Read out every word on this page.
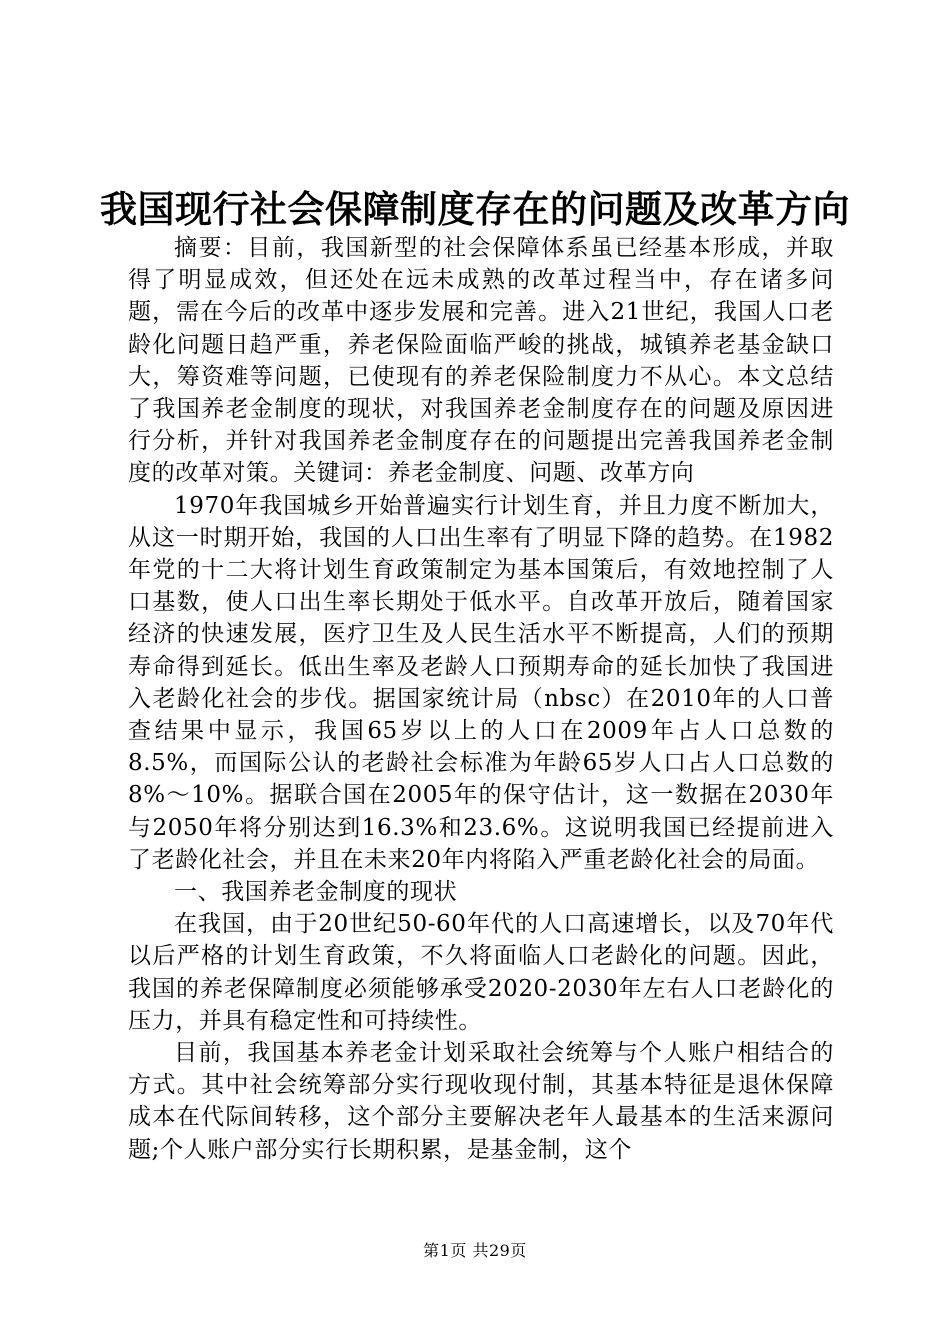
我国现行社会保障制度存在的问题及改革方向

摘要：目前，我国新型的社会保障体系虽已经基本形成，并取得了明显成效，但还处在远未成熟的改革过程当中，存在诸多问题，需在今后的改革中逐步发展和完善。进入21世纪，我国人口老龄化问题日趋严重，养老保险面临严峻的挑战，城镇养老基金缺口大，筹资难等问题，已使现有的养老保险制度力不从心。本文总结了我国养老金制度的现状，对我国养老金制度存在的问题及原因进行分析，并针对我国养老金制度存在的问题提出完善我国养老金制度的改革对策。关键词：养老金制度、问题、改革方向

1970年我国城乡开始普遍实行计划生育，并且力度不断加大，从这一时期开始，我国的人口出生率有了明显下降的趋势。在1982年党的十二大将计划生育政策制定为基本国策后，有效地控制了人口基数，使人口出生率长期处于低水平。自改革开放后，随着国家经济的快速发展，医疗卫生及人民生活水平不断提高，人们的预期寿命得到延长。低出生率及老龄人口预期寿命的延长加快了我国进入老龄化社会的步伐。据国家统计局（nbsc）在2010年的人口普查结果中显示，我国65岁以上的人口在2009年占人口总数的8.5%，而国际公认的老龄社会标准为年龄65岁人口占人口总数的8%～10%。据联合国在2005年的保守估计，这一数据在2030年与2050年将分别达到16.3%和23.6%。这说明我国已经提前进入了老龄化社会，并且在未来20年内将陷入严重老龄化社会的局面。

一、我国养老金制度的现状

在我国，由于20世纪50-60年代的人口高速增长，以及70年代以后严格的计划生育政策，不久将面临人口老龄化的问题。因此，我国的养老保障制度必须能够承受2020-2030年左右人口老龄化的压力，并具有稳定性和可持续性。

目前，我国基本养老金计划采取社会统筹与个人账户相结合的方式。其中社会统筹部分实行现收现付制，其基本特征是退休保障成本在代际间转移，这个部分主要解决老年人最基本的生活来源问题;个人账户部分实行长期积累，是基金制，这个

第1页 共29页
